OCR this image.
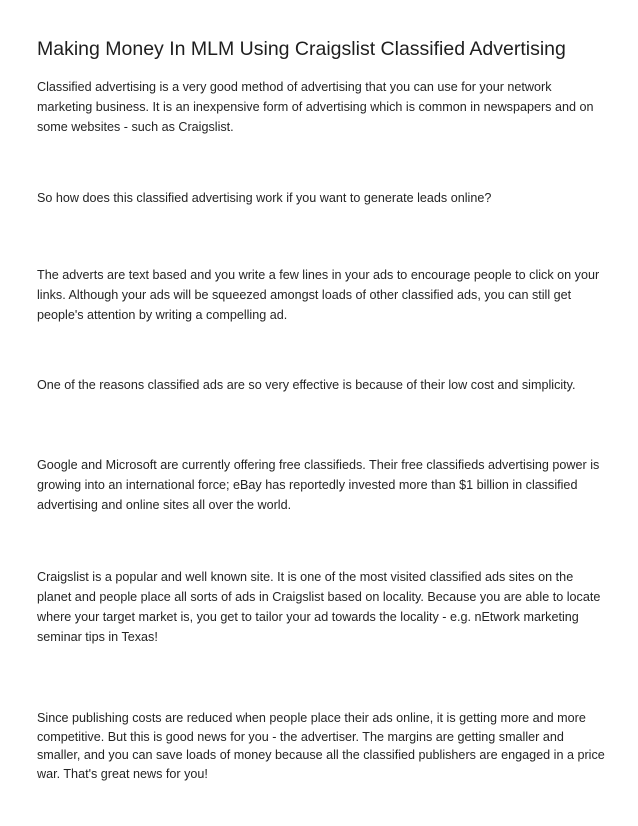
Making Money In MLM Using Craigslist Classified Advertising

Classified advertising is a very good method of advertising that you can use for your network marketing business. It is an inexpensive form of advertising which is common in newspapers and on some websites - such as Craigslist.

So how does this classified advertising work if you want to generate leads online?

The adverts are text based and you write a few lines in your ads to encourage people to click on your links. Although your ads will be squeezed amongst loads of other classified ads, you can still get people's attention by writing a compelling ad.

One of the reasons classified ads are so very effective is because of their low cost and simplicity.

Google and Microsoft are currently offering free classifieds. Their free classifieds advertising power is growing into an international force; eBay has reportedly invested more than $1 billion in classified advertising and online sites all over the world.

Craigslist is a popular and well known site. It is one of the most visited classified ads sites on the planet and people place all sorts of ads in Craigslist based on locality. Because you are able to locate where your target market is, you get to tailor your ad towards the locality - e.g. nEtwork marketing seminar tips in Texas!

Since publishing costs are reduced when people place their ads online, it is getting more and more competitive. But this is good news for you - the advertiser. The margins are getting smaller and smaller, and you can save loads of money because all the classified publishers are engaged in a price war. That's great news for you!
